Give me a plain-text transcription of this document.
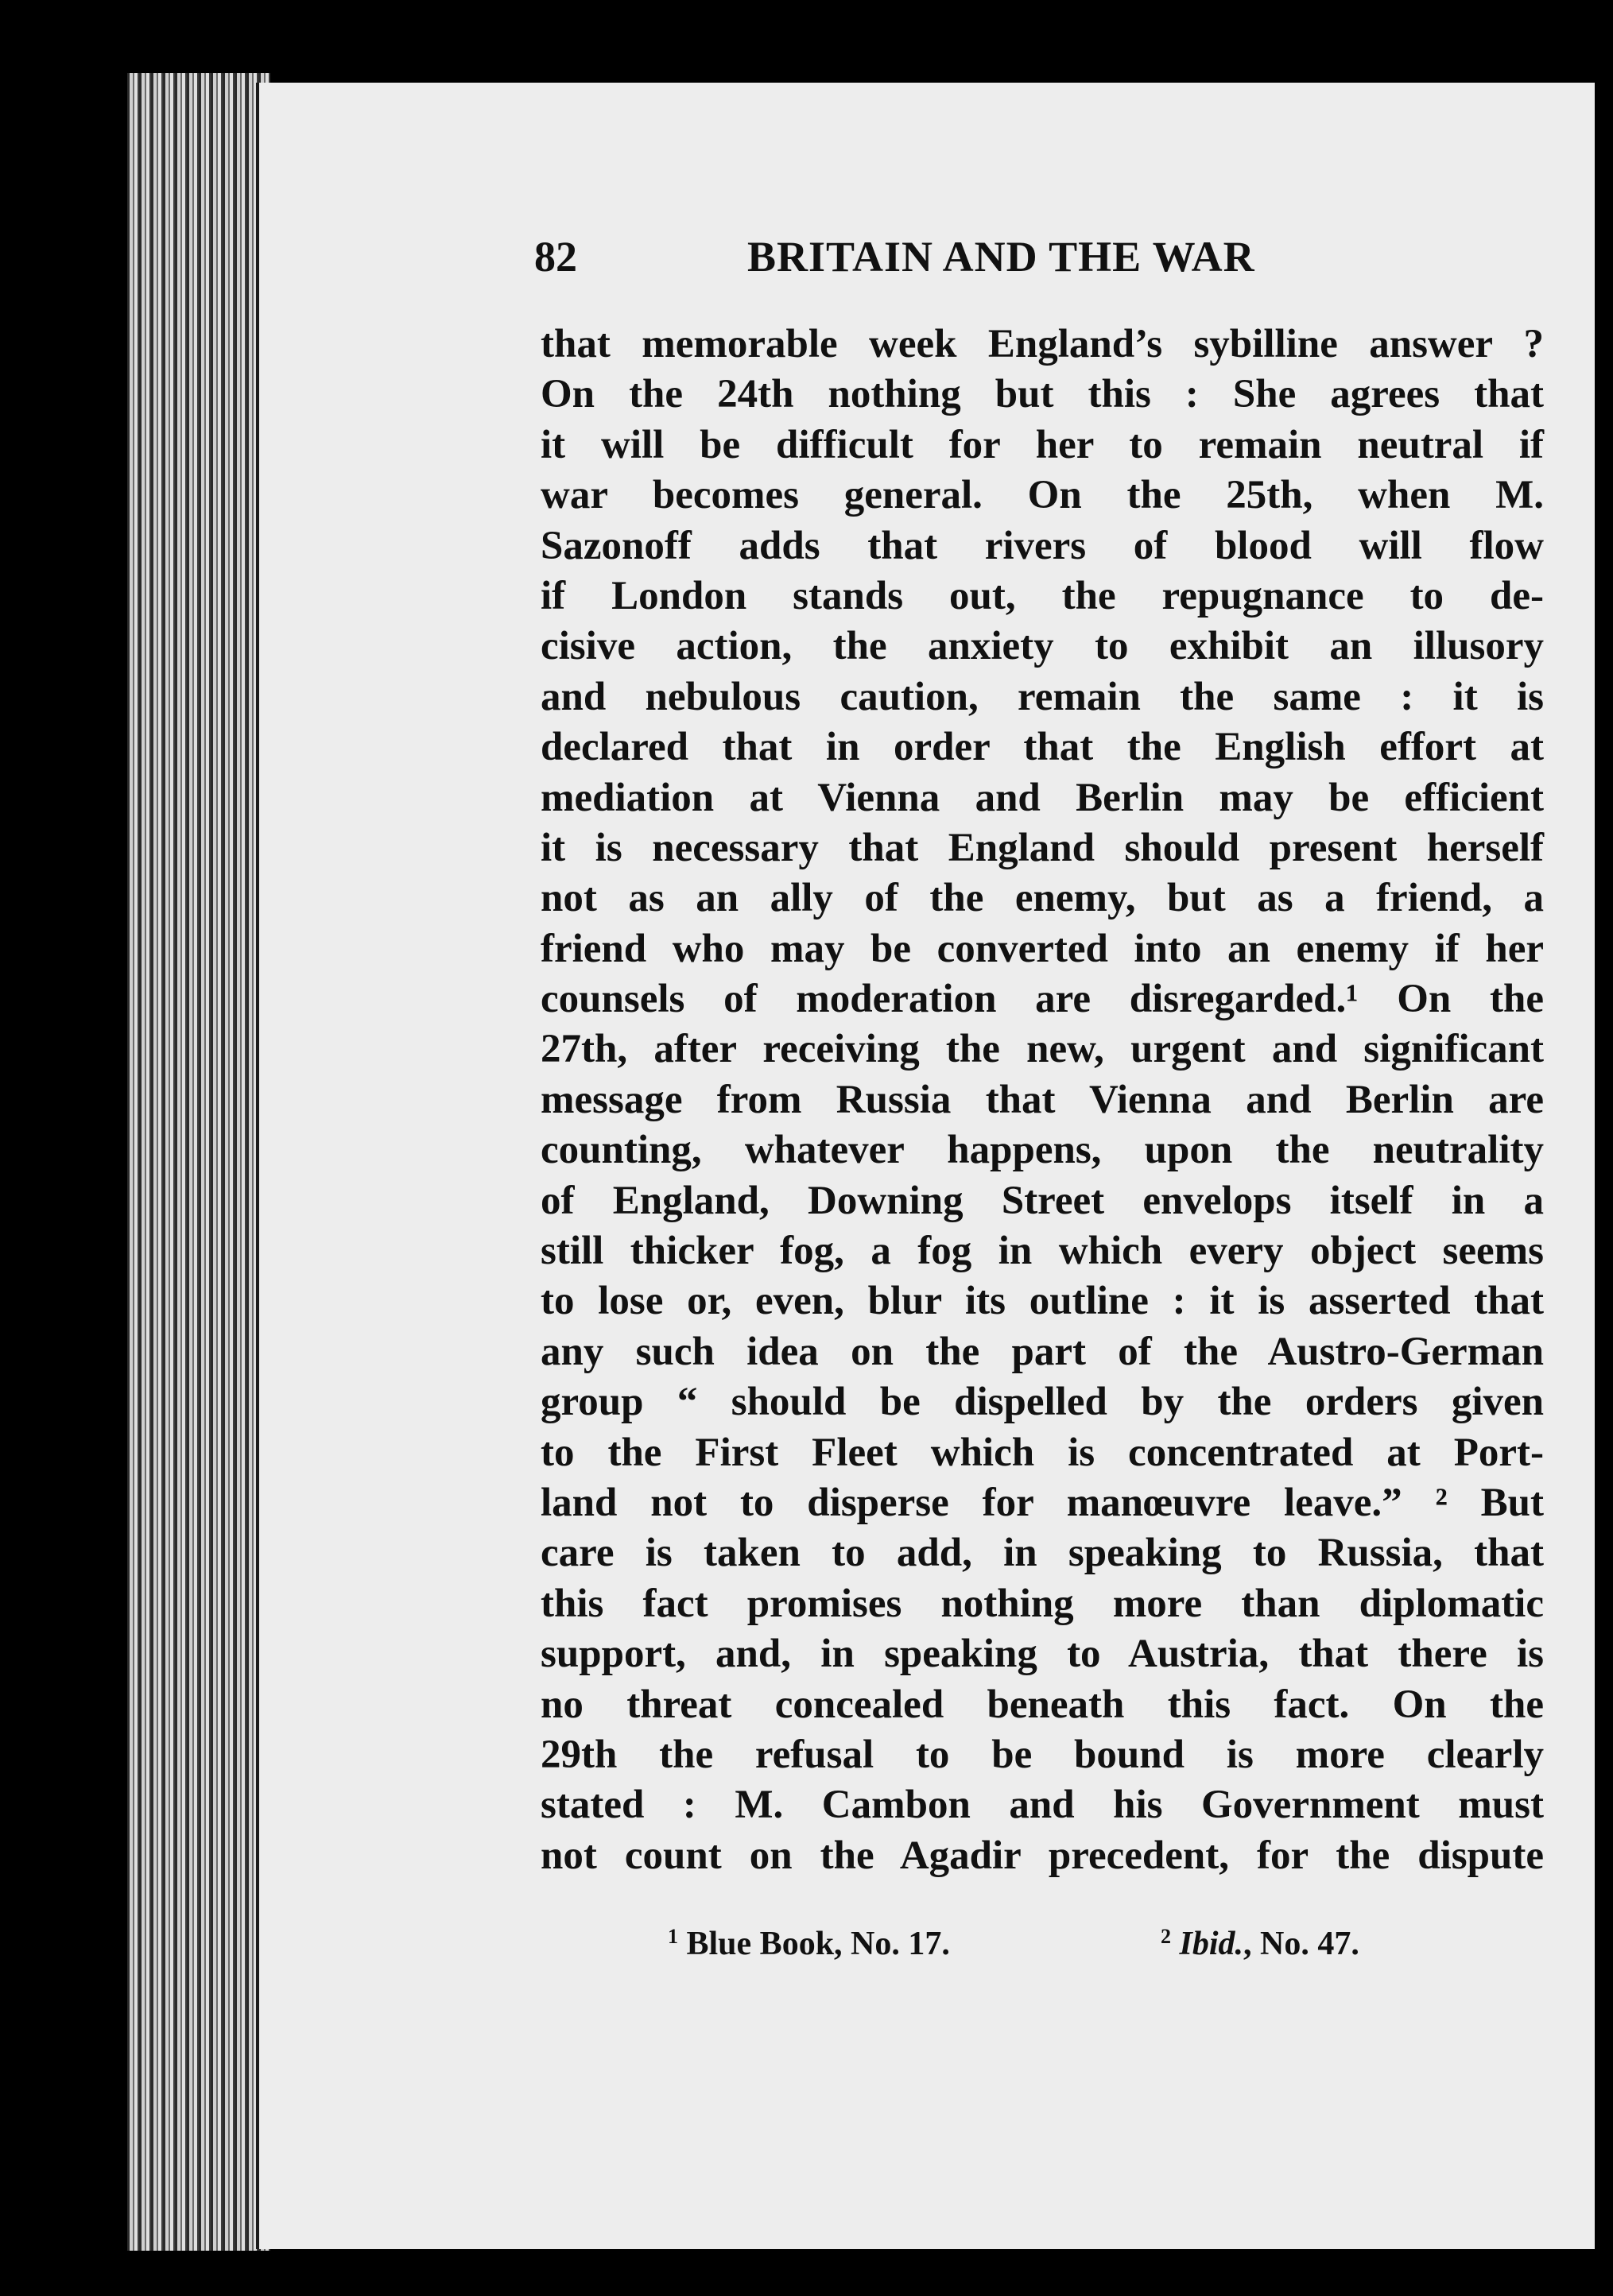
82	BRITAIN AND THE WAR
that memorable week England’s sybilline answer ?
On the 24th nothing but this : She agrees that
it will be difficult for her to remain neutral if
war becomes general. On the 25th, when M.
Sazonoff adds that rivers of blood will flow
if London stands out, the repugnance to de-
cisive action, the anxiety to exhibit an illusory
and nebulous caution, remain the same : it is
declared that in order that the English effort at
mediation at Vienna and Berlin may be efficient
it is necessary that England should present herself
not as an ally of the enemy, but as a friend, a
friend who may be converted into an enemy if her
counsels of moderation are disregarded.¹ On the
27th, after receiving the new, urgent and significant
message from Russia that Vienna and Berlin are
counting, whatever happens, upon the neutrality
of England, Downing Street envelops itself in a
still thicker fog, a fog in which every object seems
to lose or, even, blur its outline : it is asserted that
any such idea on the part of the Austro-German
group “ should be dispelled by the orders given
to the First Fleet which is concentrated at Port-
land not to disperse for manœuvre leave.” ² But
care is taken to add, in speaking to Russia, that
this fact promises nothing more than diplomatic
support, and, in speaking to Austria, that there is
no threat concealed beneath this fact. On the
29th the refusal to be bound is more clearly
stated : M. Cambon and his Government must
not count on the Agadir precedent, for the dispute
$^1$ Blue Book, No. 17.	$^2$ Ibid., No. 47.
